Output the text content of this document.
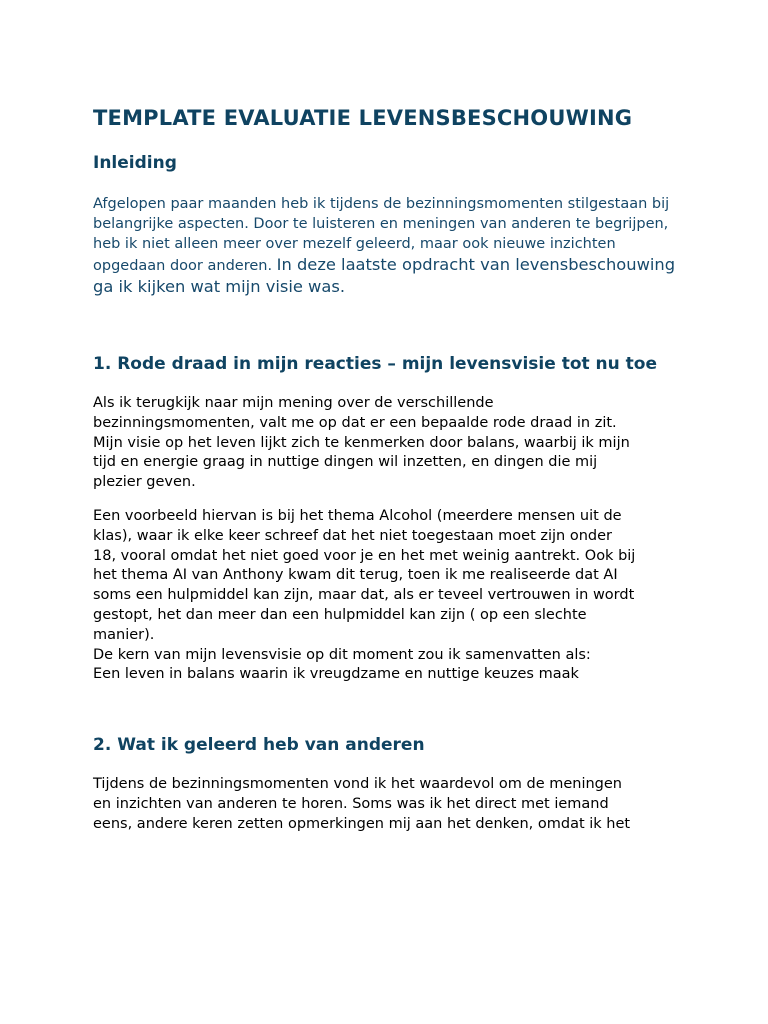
TEMPLATE EVALUATIE LEVENSBESCHOUWING
Inleiding

Afgelopen paar maanden heb ik tijdens de bezinningsmomenten stilgestaan bij belangrijke aspecten. Door te luisteren en meningen van anderen te begrijpen, heb ik niet alleen meer over mezelf geleerd, maar ook nieuwe inzichten opgedaan door anderen. In deze laatste opdracht van levensbeschouwing ga ik kijken wat mijn visie was.

1. Rode draad in mijn reacties – mijn levensvisie tot nu toe

Als ik terugkijk naar mijn mening over de verschillende
bezinningsmomenten, valt me op dat er een bepaalde rode draad in zit.
Mijn visie op het leven lijkt zich te kenmerken door balans, waarbij ik mijn
tijd en energie graag in nuttige dingen wil inzetten, en dingen die mij
plezier geven.

Een voorbeeld hiervan is bij het thema Alcohol (meerdere mensen uit de
klas), waar ik elke keer schreef dat het niet toegestaan moet zijn onder
18, vooral omdat het niet goed voor je en het met weinig aantrekt. Ook bij
het thema AI van Anthony kwam dit terug, toen ik me realiseerde dat AI
soms een hulpmiddel kan zijn, maar dat, als er teveel vertrouwen in wordt
gestopt, het dan meer dan een hulpmiddel kan zijn ( op een slechte
manier).
De kern van mijn levensvisie op dit moment zou ik samenvatten als:
Een leven in balans waarin ik vreugdzame en nuttige keuzes maak

2. Wat ik geleerd heb van anderen

Tijdens de bezinningsmomenten vond ik het waardevol om de meningen
en inzichten van anderen te horen. Soms was ik het direct met iemand
eens, andere keren zetten opmerkingen mij aan het denken, omdat ik het
